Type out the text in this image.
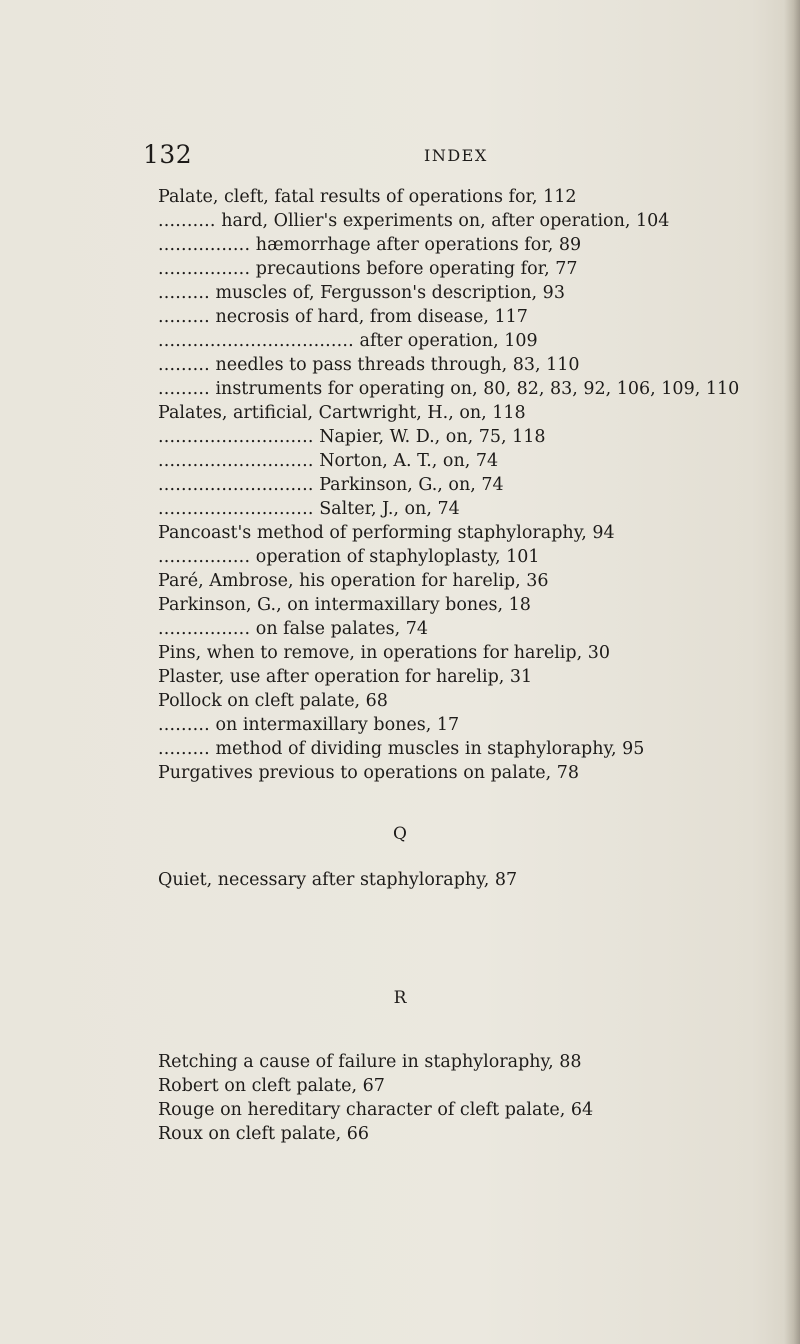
132	INDEX
Palate, cleft, fatal results of operations for, 112
.......... hard, Ollier's experiments on, after operation, 104
................ hæmorrhage after operations for, 89
................ precautions before operating for, 77
......... muscles of, Fergusson's description, 93
......... necrosis of hard, from disease, 117
.................................. after operation, 109
......... needles to pass threads through, 83, 110
......... instruments for operating on, 80, 82, 83, 92, 106, 109, 110
Palates, artificial, Cartwright, H., on, 118
........................... Napier, W. D., on, 75, 118
........................... Norton, A. T., on, 74
........................... Parkinson, G., on, 74
........................... Salter, J., on, 74
Pancoast's method of performing staphyloraphy, 94
................ operation of staphyloplasty, 101
Paré, Ambrose, his operation for harelip, 36
Parkinson, G., on intermaxillary bones, 18
................ on false palates, 74
Pins, when to remove, in operations for harelip, 30
Plaster, use after operation for harelip, 31
Pollock on cleft palate, 68
......... on intermaxillary bones, 17
......... method of dividing muscles in staphyloraphy, 95
Purgatives previous to operations on palate, 78
Q
Quiet, necessary after staphyloraphy, 87
R
Retching a cause of failure in staphyloraphy, 88
Robert on cleft palate, 67
Rouge on hereditary character of cleft palate, 64
Roux on cleft palate, 66
